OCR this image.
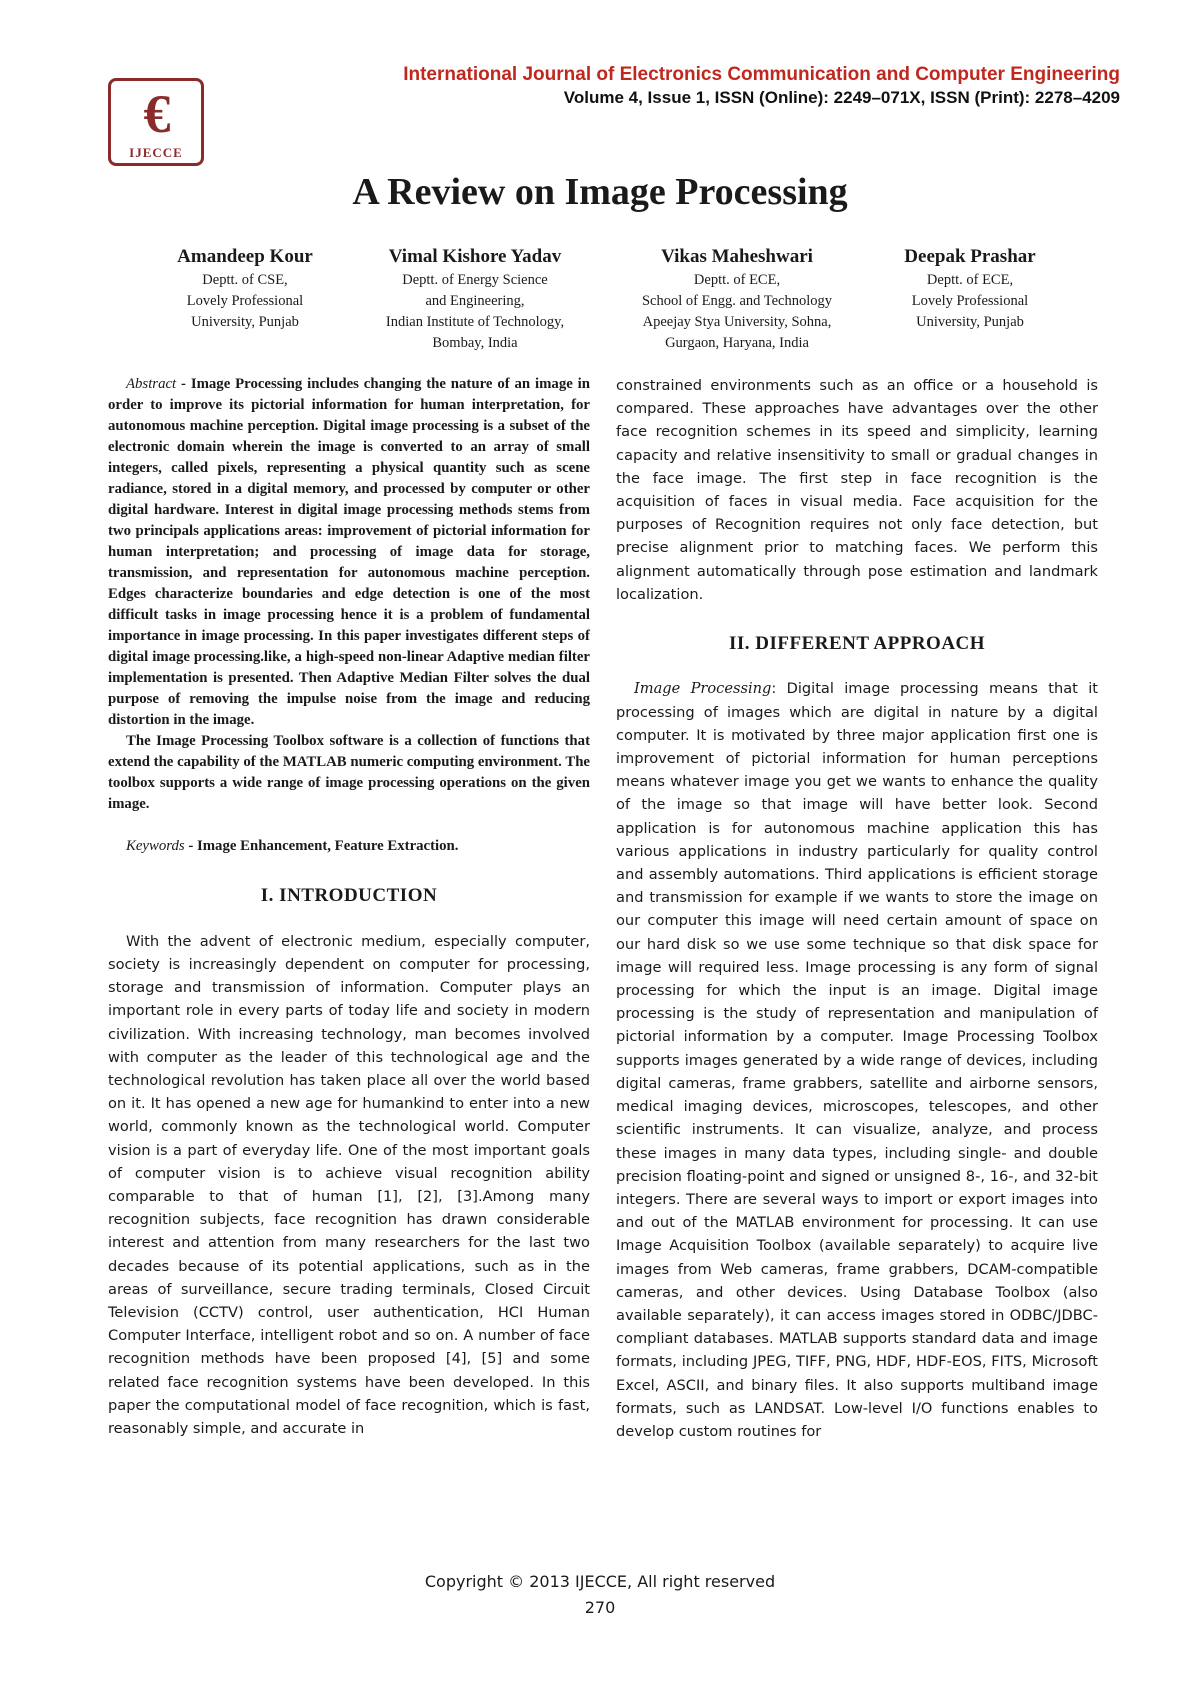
€
IJECCE
International Journal of Electronics Communication and Computer Engineering
Volume 4, Issue 1, ISSN (Online): 2249–071X, ISSN (Print): 2278–4209
A Review on Image Processing
Amandeep Kour
Deptt. of CSE,
Lovely Professional
University, Punjab
Vimal Kishore Yadav
Deptt. of Energy Science
and Engineering,
Indian Institute of Technology,
Bombay, India
Vikas Maheshwari
Deptt. of ECE,
School of Engg. and Technology
Apeejay Stya University, Sohna,
Gurgaon, Haryana, India
Deepak Prashar
Deptt. of ECE,
Lovely Professional
University, Punjab

Abstract - Image Processing includes changing the nature of an image in order to improve its pictorial information for human interpretation, for autonomous machine perception. Digital image processing is a subset of the electronic domain wherein the image is converted to an array of small integers, called pixels, representing a physical quantity such as scene radiance, stored in a digital memory, and processed by computer or other digital hardware. Interest in digital image processing methods stems from two principals applications areas: improvement of pictorial information for human interpretation; and processing of image data for storage, transmission, and representation for autonomous machine perception. Edges characterize boundaries and edge detection is one of the most difficult tasks in image processing hence it is a problem of fundamental importance in image processing. In this paper investigates different steps of digital image processing.like, a high-speed non-linear Adaptive median filter implementation is presented. Then Adaptive Median Filter solves the dual purpose of removing the impulse noise from the image and reducing distortion in the image.

The Image Processing Toolbox software is a collection of functions that extend the capability of the MATLAB numeric computing environment. The toolbox supports a wide range of image processing operations on the given image.

Keywords - Image Enhancement, Feature Extraction.

I. INTRODUCTION

With the advent of electronic medium, especially computer, society is increasingly dependent on computer for processing, storage and transmission of information. Computer plays an important role in every parts of today life and society in modern civilization. With increasing technology, man becomes involved with computer as the leader of this technological age and the technological revolution has taken place all over the world based on it. It has opened a new age for humankind to enter into a new world, commonly known as the technological world. Computer vision is a part of everyday life. One of the most important goals of computer vision is to achieve visual recognition ability comparable to that of human [1], [2], [3].Among many recognition subjects, face recognition has drawn considerable interest and attention from many researchers for the last two decades because of its potential applications, such as in the areas of surveillance, secure trading terminals, Closed Circuit Television (CCTV) control, user authentication, HCI Human Computer Interface, intelligent robot and so on. A number of face recognition methods have been proposed [4], [5] and some related face recognition systems have been developed. In this paper the computational model of face recognition, which is fast, reasonably simple, and accurate in

constrained environments such as an office or a household is compared. These approaches have advantages over the other face recognition schemes in its speed and simplicity, learning capacity and relative insensitivity to small or gradual changes in the face image. The first step in face recognition is the acquisition of faces in visual media. Face acquisition for the purposes of Recognition requires not only face detection, but precise alignment prior to matching faces. We perform this alignment automatically through pose estimation and landmark localization.

II. DIFFERENT APPROACH

Image Processing: Digital image processing means that it processing of images which are digital in nature by a digital computer. It is motivated by three major application first one is improvement of pictorial information for human perceptions means whatever image you get we wants to enhance the quality of the image so that image will have better look. Second application is for autonomous machine application this has various applications in industry particularly for quality control and assembly automations. Third applications is efficient storage and transmission for example if we wants to store the image on our computer this image will need certain amount of space on our hard disk so we use some technique so that disk space for image will required less. Image processing is any form of signal processing for which the input is an image. Digital image processing is the study of representation and manipulation of pictorial information by a computer. Image Processing Toolbox supports images generated by a wide range of devices, including digital cameras, frame grabbers, satellite and airborne sensors, medical imaging devices, microscopes, telescopes, and other scientific instruments. It can visualize, analyze, and process these images in many data types, including single- and double precision floating-point and signed or unsigned 8-, 16-, and 32-bit integers. There are several ways to import or export images into and out of the MATLAB environment for processing. It can use Image Acquisition Toolbox (available separately) to acquire live images from Web cameras, frame grabbers, DCAM-compatible cameras, and other devices. Using Database Toolbox (also available separately), it can access images stored in ODBC/JDBC-compliant databases. MATLAB supports standard data and image formats, including JPEG, TIFF, PNG, HDF, HDF-EOS, FITS, Microsoft Excel, ASCII, and binary files. It also supports multiband image formats, such as LANDSAT. Low-level I/O functions enables to develop custom routines for

Copyright © 2013 IJECCE, All right reserved
270
